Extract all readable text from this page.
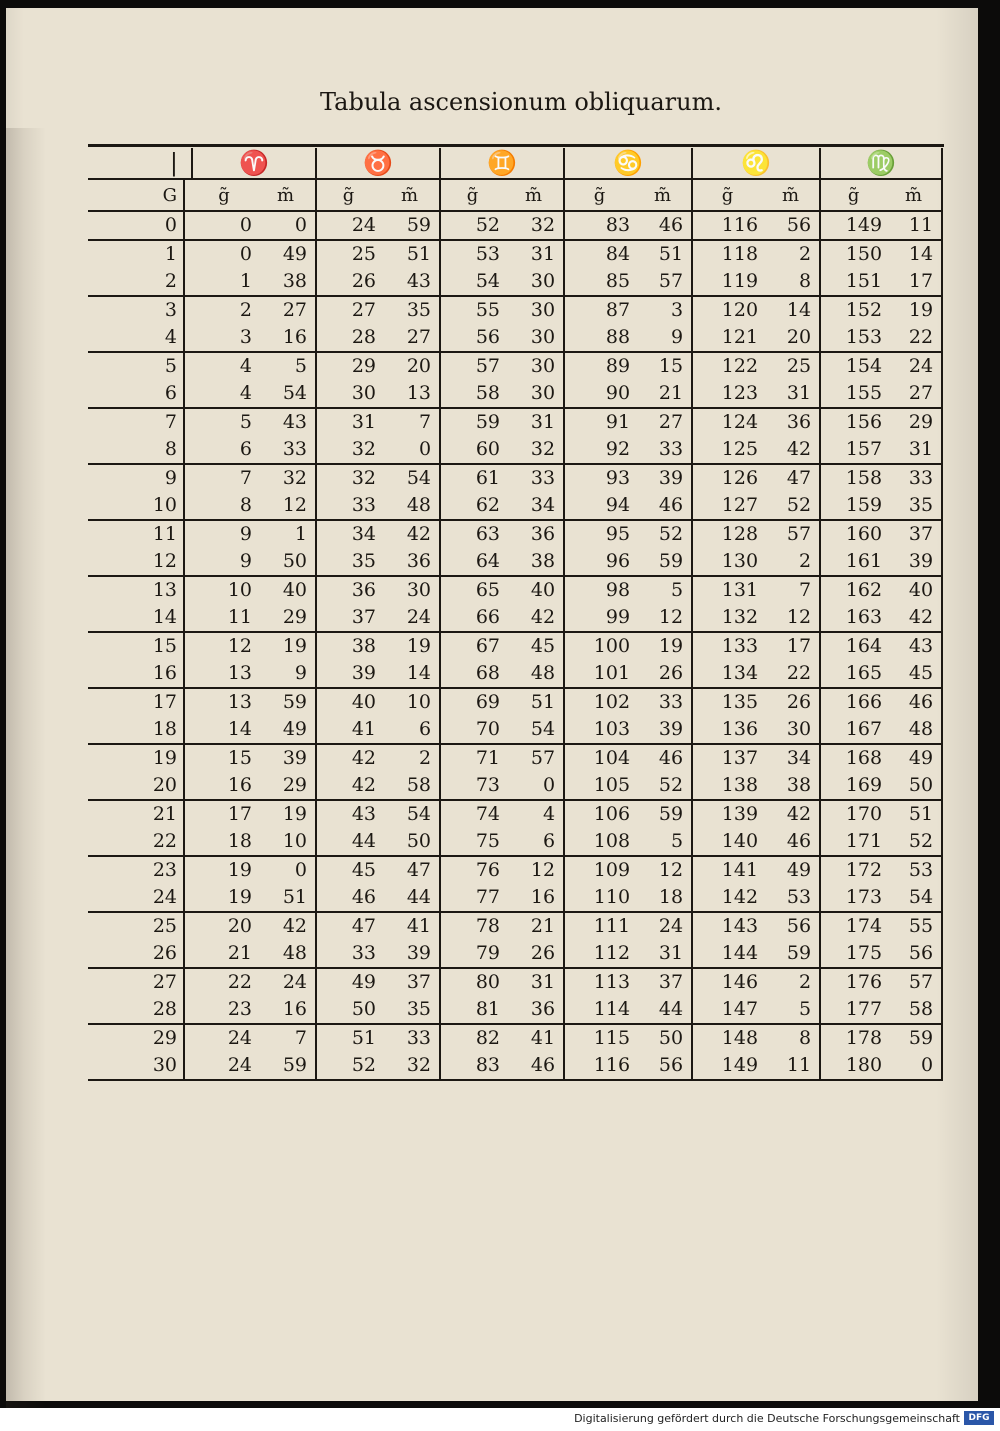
Tabula ascensionum obliquarum.
|		♈		♉		♊		♋		♌		♍	
G		g̃	m̃	g̃	m̃	g̃	m̃	g̃	m̃	g̃	m̃	g̃	m̃
0		0	0	24	59	52	32	83	46	116	56	149	11
1		0	49	25	51	53	31	84	51	118	2	150	14
2		1	38	26	43	54	30	85	57	119	8	151	17
3		2	27	27	35	55	30	87	3	120	14	152	19
4		3	16	28	27	56	30	88	9	121	20	153	22
5		4	5	29	20	57	30	89	15	122	25	154	24
6		4	54	30	13	58	30	90	21	123	31	155	27
7		5	43	31	7	59	31	91	27	124	36	156	29
8		6	33	32	0	60	32	92	33	125	42	157	31
9		7	32	32	54	61	33	93	39	126	47	158	33
10		8	12	33	48	62	34	94	46	127	52	159	35
11		9	1	34	42	63	36	95	52	128	57	160	37
12		9	50	35	36	64	38	96	59	130	2	161	39
13		10	40	36	30	65	40	98	5	131	7	162	40
14		11	29	37	24	66	42	99	12	132	12	163	42
15		12	19	38	19	67	45	100	19	133	17	164	43
16		13	9	39	14	68	48	101	26	134	22	165	45
17		13	59	40	10	69	51	102	33	135	26	166	46
18		14	49	41	6	70	54	103	39	136	30	167	48
19		15	39	42	2	71	57	104	46	137	34	168	49
20		16	29	42	58	73	0	105	52	138	38	169	50
21		17	19	43	54	74	4	106	59	139	42	170	51
22		18	10	44	50	75	6	108	5	140	46	171	52
23		19	0	45	47	76	12	109	12	141	49	172	53
24		19	51	46	44	77	16	110	18	142	53	173	54
25		20	42	47	41	78	21	111	24	143	56	174	55
26		21	48	33	39	79	26	112	31	144	59	175	56
27		22	24	49	37	80	31	113	37	146	2	176	57
28		23	16	50	35	81	36	114	44	147	5	177	58
29		24	7	51	33	82	41	115	50	148	8	178	59
30		24	59	52	32	83	46	116	56	149	11	180	0
Digitalisierung gefördert durch die Deutsche Forschungsgemeinschaft DFG
